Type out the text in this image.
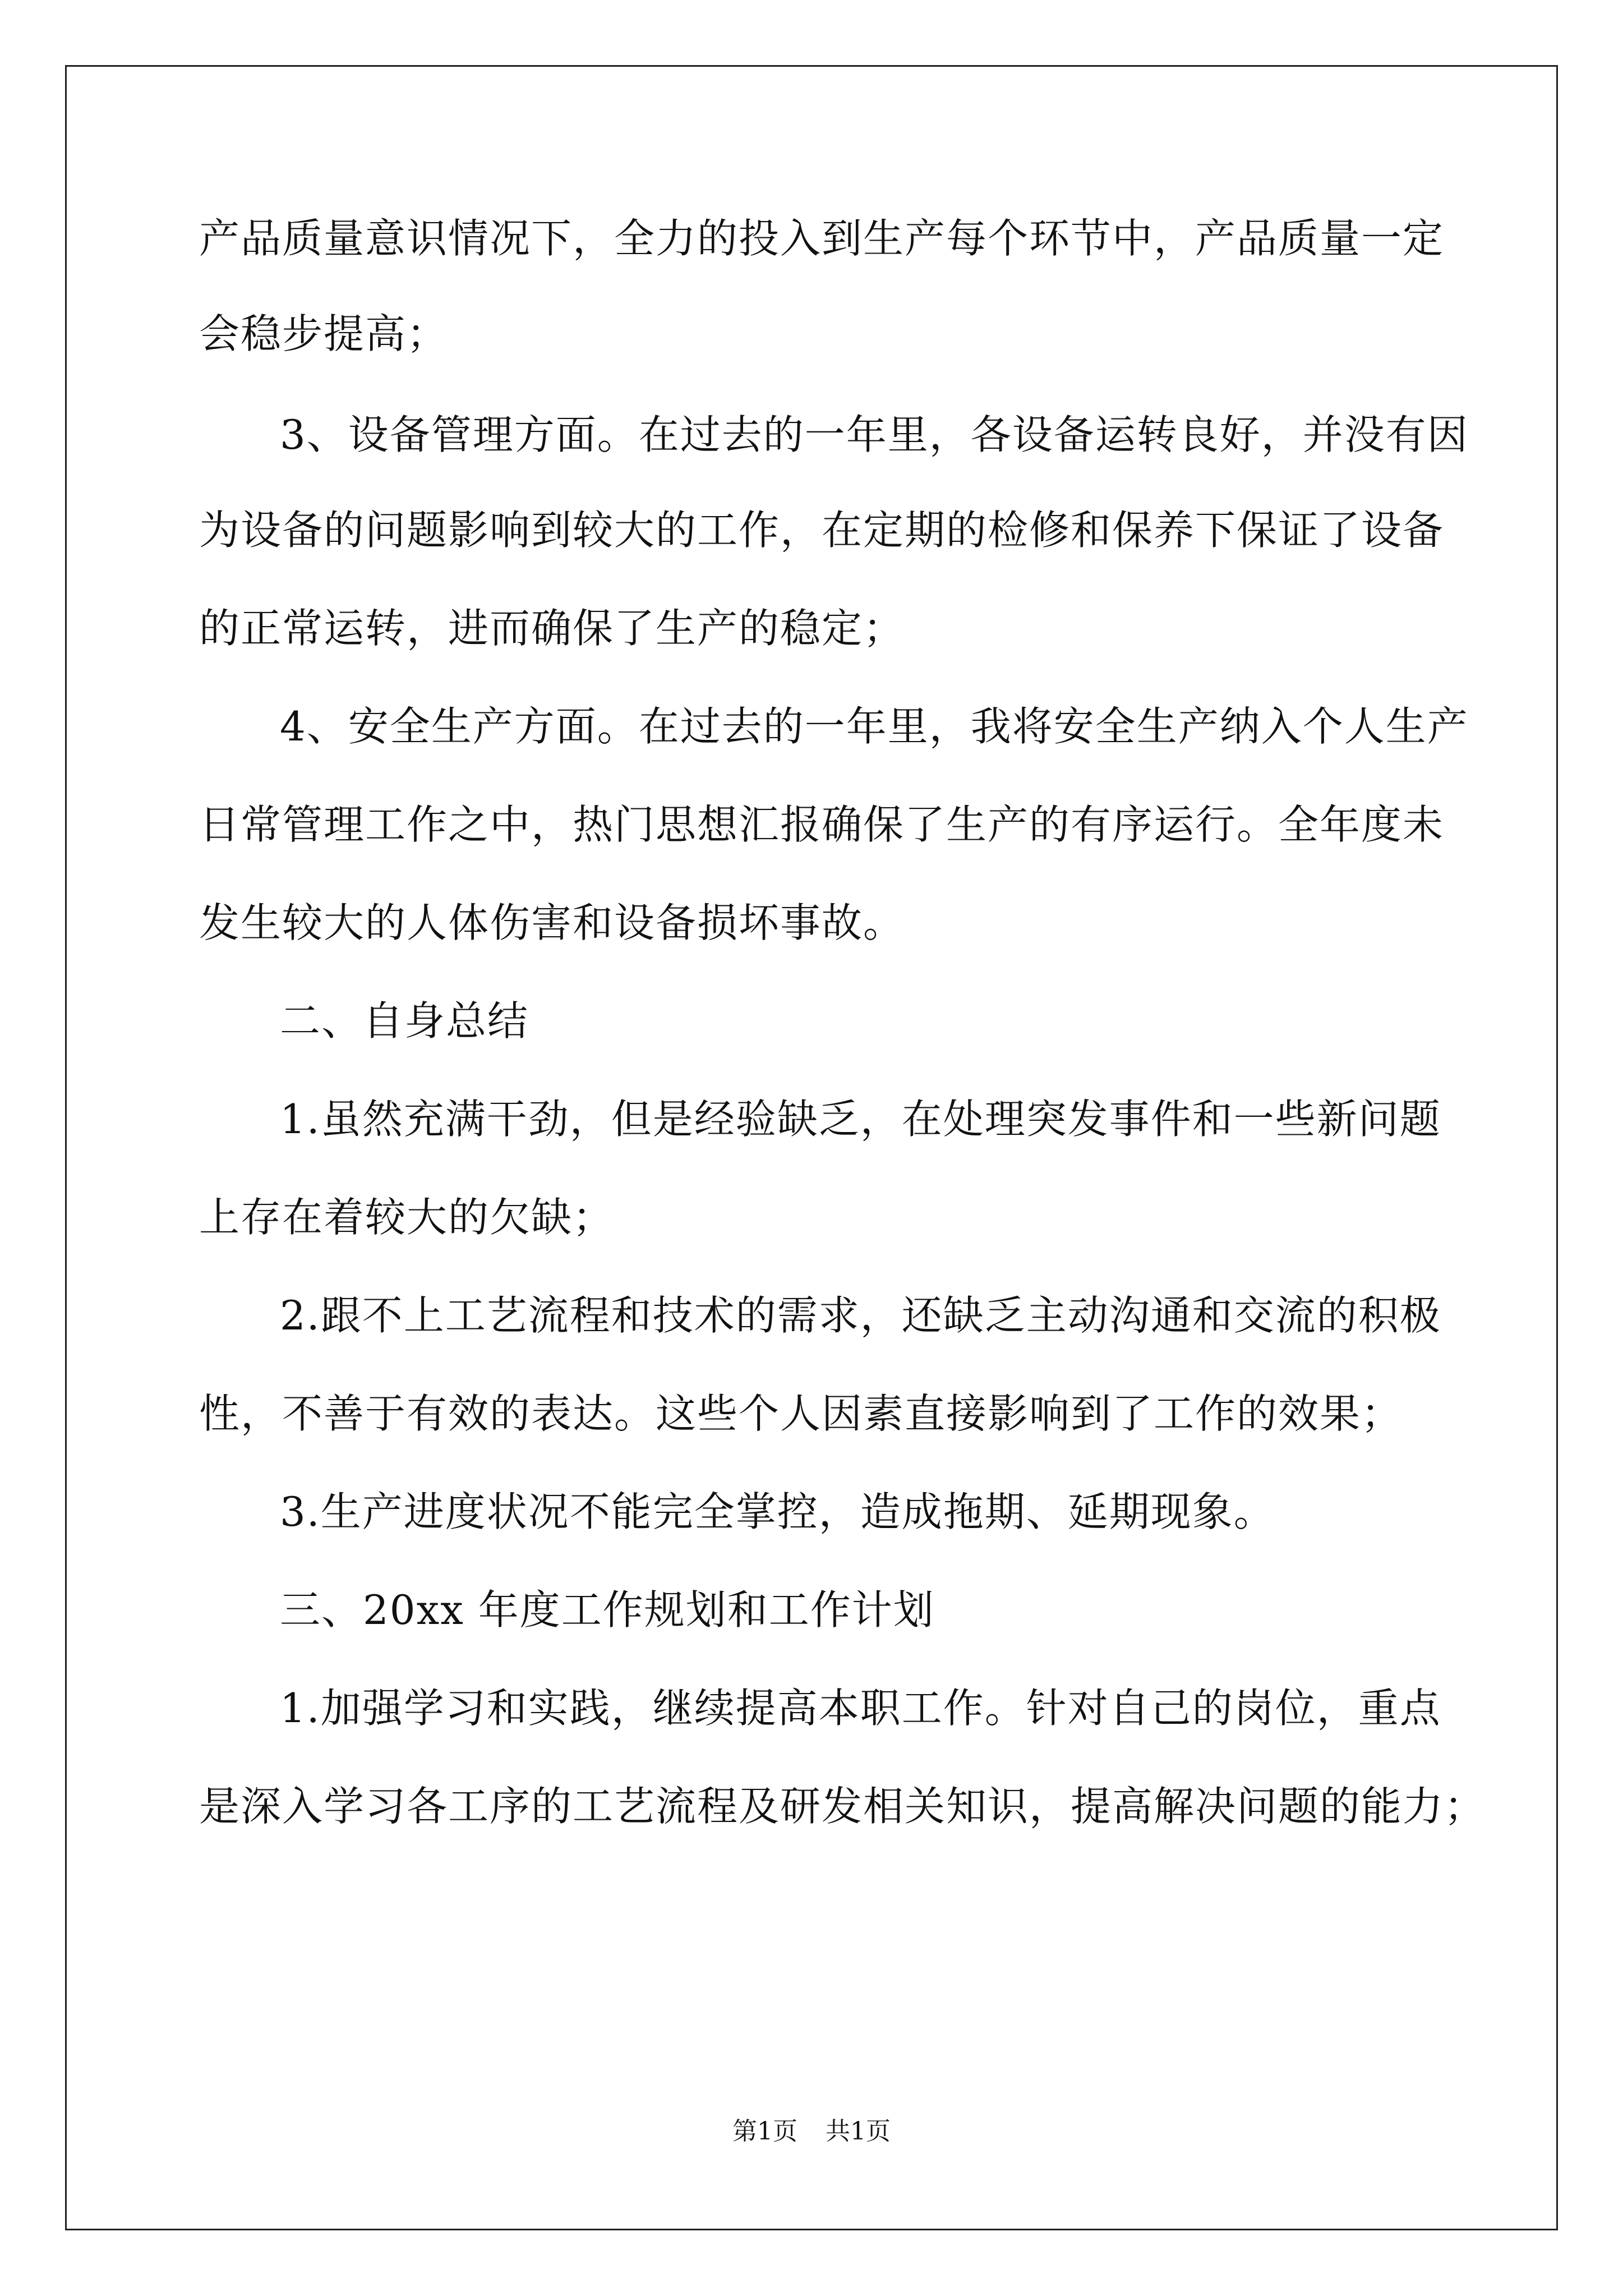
产品质量意识情况下，全力的投入到生产每个环节中，产品质量一定
会稳步提高；
3、设备管理方面。在过去的一年里，各设备运转良好，并没有因
为设备的问题影响到较大的工作，在定期的检修和保养下保证了设备
的正常运转，进而确保了生产的稳定；
4、安全生产方面。在过去的一年里，我将安全生产纳入个人生产
日常管理工作之中，热门思想汇报确保了生产的有序运行。全年度未
发生较大的人体伤害和设备损坏事故。
二、自身总结
1.虽然充满干劲，但是经验缺乏，在处理突发事件和一些新问题
上存在着较大的欠缺；
2.跟不上工艺流程和技术的需求，还缺乏主动沟通和交流的积极
性，不善于有效的表达。这些个人因素直接影响到了工作的效果；
3.生产进度状况不能完全掌控，造成拖期、延期现象。
三、20xx 年度工作规划和工作计划
1.加强学习和实践，继续提高本职工作。针对自己的岗位，重点
是深入学习各工序的工艺流程及研发相关知识，提高解决问题的能力；
第1页 共1页
